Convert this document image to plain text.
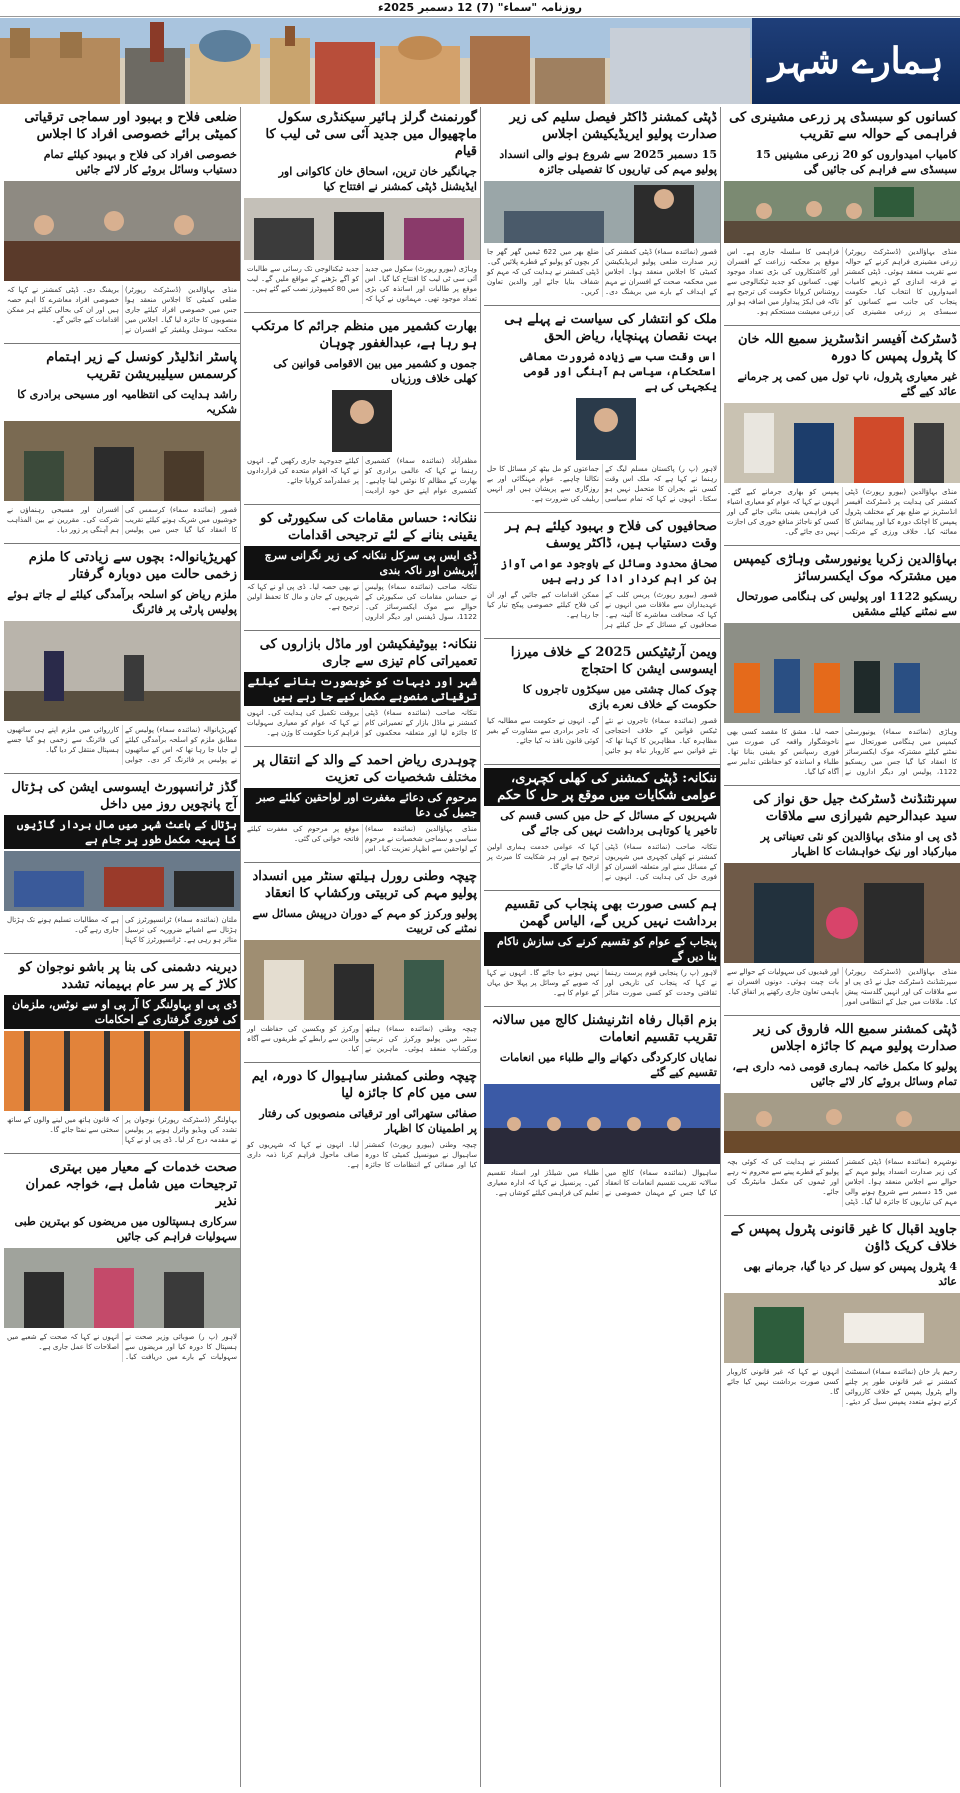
روزنامہ "سماء" (7) 12 دسمبر 2025ء
ہمارے شہر
کسانوں کو سبسڈی پر زرعی مشینری کی فراہمی کے حوالہ سے تقریب
کامیاب امیدواروں کو 20 زرعی مشینیں 15 سبسڈی سے فراہم کی جائیں گی
منڈی بہاؤالدین (ڈسٹرکٹ رپورٹر) زرعی مشینری فراہم کرنے کے حوالہ سے تقریب منعقد ہوئی۔ ڈپٹی کمشنر نے قرعہ اندازی کے ذریعے کامیاب امیدواروں کا انتخاب کیا۔ حکومت پنجاب کی جانب سے کسانوں کو سبسڈی پر زرعی مشینری کی فراہمی کا سلسلہ جاری ہے۔ اس موقع پر محکمہ زراعت کے افسران اور کاشتکاروں کی بڑی تعداد موجود تھی۔ کسانوں کو جدید ٹیکنالوجی سے روشناس کروانا حکومت کی ترجیح ہے تاکہ فی ایکڑ پیداوار میں اضافہ ہو اور زرعی معیشت مستحکم ہو۔
ڈسٹرکٹ آفیسر انڈسٹریز سمیع اللہ خان کا پٹرول پمپس کا دورہ
غیر معیاری پٹرول، ناپ تول میں کمی پر جرمانے عائد کیے گئے
منڈی بہاؤالدین (بیورو رپورٹ) ڈپٹی کمشنر کی ہدایت پر ڈسٹرکٹ آفیسر انڈسٹریز نے ضلع بھر کے مختلف پٹرول پمپس کا اچانک دورہ کیا اور پیمائش کا معائنہ کیا۔ خلاف ورزی کے مرتکب پمپس کو بھاری جرمانے کیے گئے۔ انہوں نے کہا کہ عوام کو معیاری اشیاء کی فراہمی یقینی بنائی جائے گی اور کسی کو ناجائز منافع خوری کی اجازت نہیں دی جائے گی۔
بہاؤالدین زکریا یونیورسٹی وہاڑی کیمپس میں مشترکہ موک ایکسرسائز
ریسکیو 1122 اور پولیس کی ہنگامی صورتحال سے نمٹنے کیلئے مشقیں
وہاڑی (نمائندہ سماء) یونیورسٹی کیمپس میں ہنگامی صورتحال سے نمٹنے کیلئے مشترکہ موک ایکسرسائز کا انعقاد کیا گیا جس میں ریسکیو 1122، پولیس اور دیگر اداروں نے حصہ لیا۔ مشق کا مقصد کسی بھی ناخوشگوار واقعہ کی صورت میں فوری رسپانس کو یقینی بنانا تھا۔ طلباء و اساتذہ کو حفاظتی تدابیر سے آگاہ کیا گیا۔
سپرنٹنڈنٹ ڈسٹرکٹ جیل حق نواز کی سید عبدالرحیم شیرازی سے ملاقات
ڈی پی او منڈی بہاؤالدین کو نئی تعیناتی پر مبارکباد اور نیک خواہشات کا اظہار
منڈی بہاؤالدین (ڈسٹرکٹ رپورٹر) سپرنٹنڈنٹ ڈسٹرکٹ جیل نے ڈی پی او سے ملاقات کی اور انہیں گلدستہ پیش کیا۔ ملاقات میں جیل کے انتظامی امور اور قیدیوں کی سہولیات کے حوالے سے بات چیت ہوئی۔ دونوں افسران نے باہمی تعاون جاری رکھنے پر اتفاق کیا۔
ڈپٹی کمشنر سمیع اللہ فاروق کی زیر صدارت پولیو مہم کا جائزہ اجلاس
پولیو کا مکمل خاتمہ ہماری قومی ذمہ داری ہے، تمام وسائل بروئے کار لائے جائیں
نوشہرہ (نمائندہ سماء) ڈپٹی کمشنر کی زیر صدارت انسداد پولیو مہم کے حوالے سے اجلاس منعقد ہوا۔ اجلاس میں 15 دسمبر سے شروع ہونے والی مہم کی تیاریوں کا جائزہ لیا گیا۔ ڈپٹی کمشنر نے ہدایت کی کہ کوئی بچہ پولیو کے قطرے پینے سے محروم نہ رہے اور ٹیموں کی مکمل مانیٹرنگ کی جائے۔
جاوید اقبال کا غیر قانونی پٹرول پمپس کے خلاف کریک ڈاؤن
4 پٹرول پمپس کو سیل کر دیا گیا، جرمانے بھی عائد
رحیم یار خان (نمائندہ سماء) اسسٹنٹ کمشنر نے غیر قانونی طور پر چلنے والے پٹرول پمپس کے خلاف کارروائی کرتے ہوئے متعدد پمپس سیل کر دیئے۔ انہوں نے کہا کہ غیر قانونی کاروبار کسی صورت برداشت نہیں کیا جائے گا۔
ڈپٹی کمشنر ڈاکٹر فیصل سلیم کی زیر صدارت پولیو ایریڈیکیشن اجلاس
15 دسمبر 2025 سے شروع ہونے والی انسداد پولیو مہم کی تیاریوں کا تفصیلی جائزہ
قصور (نمائندہ سماء) ڈپٹی کمشنر کی زیر صدارت ضلعی پولیو ایریڈیکیشن کمیٹی کا اجلاس منعقد ہوا۔ اجلاس میں محکمہ صحت کے افسران نے مہم کے اہداف کے بارے میں بریفنگ دی۔ ضلع بھر میں 622 ٹیمیں گھر گھر جا کر بچوں کو پولیو کے قطرے پلائیں گی۔ ڈپٹی کمشنر نے ہدایت کی کہ مہم کو شفاف بنایا جائے اور والدین تعاون کریں۔
ملک کو انتشار کی سیاست نے پہلے ہی بہت نقصان پہنچایا، ریاض الحق
اس وقت سب سے زیادہ ضرورت معاشی استحکام، سیاسی ہم آہنگی اور قومی یکجہتی کی ہے
لاہور (پ ر) پاکستان مسلم لیگ کے رہنما نے کہا ہے کہ ملک اس وقت کسی نئے بحران کا متحمل نہیں ہو سکتا۔ انہوں نے کہا کہ تمام سیاسی جماعتوں کو مل بیٹھ کر مسائل کا حل نکالنا چاہیے۔ عوام مہنگائی اور بے روزگاری سے پریشان ہیں اور انہیں ریلیف کی ضرورت ہے۔
صحافیوں کی فلاح و بہبود کیلئے ہم ہر وقت دستیاب ہیں، ڈاکٹر یوسف
صحافی محدود وسائل کے باوجود عوامی آواز بن کر اہم کردار ادا کر رہے ہیں
قصور (بیورو رپورٹ) پریس کلب کے عہدیداران سے ملاقات میں انہوں نے کہا کہ صحافت معاشرے کا آئینہ ہے۔ صحافیوں کے مسائل کے حل کیلئے ہر ممکن اقدامات کیے جائیں گے اور ان کی فلاح کیلئے خصوصی پیکج تیار کیا جا رہا ہے۔
ویمن آرٹیٹیکس 2025 کے خلاف میرزا ایسوسی ایشن کا احتجاج
چوک کمال چشتی میں سیکڑوں تاجروں کا حکومت کے خلاف نعرے بازی
قصور (نمائندہ سماء) تاجروں نے نئے ٹیکس قوانین کے خلاف احتجاجی مظاہرہ کیا۔ مظاہرین کا کہنا تھا کہ نئے قوانین سے کاروبار تباہ ہو جائیں گے۔ انہوں نے حکومت سے مطالبہ کیا کہ تاجر برادری سے مشاورت کے بغیر کوئی قانون نافذ نہ کیا جائے۔
ننکانہ: ڈپٹی کمشنر کی کھلی کچہری، عوامی شکایات میں موقع پر حل کا حکم
شہریوں کے مسائل کے حل میں کسی قسم کی تاخیر یا کوتاہی برداشت نہیں کی جائے گی
ننکانہ صاحب (نمائندہ سماء) ڈپٹی کمشنر نے کھلی کچہری میں شہریوں کے مسائل سنے اور متعلقہ افسران کو فوری حل کی ہدایت کی۔ انہوں نے کہا کہ عوامی خدمت ہماری اولین ترجیح ہے اور ہر شکایت کا میرٹ پر ازالہ کیا جائے گا۔
ہم کسی صورت بھی پنجاب کی تقسیم برداشت نہیں کریں گے، الیاس گھمن
پنجاب کے عوام کو تقسیم کرنے کی سازش ناکام بنا دیں گے
لاہور (پ ر) پنجابی قوم پرست رہنما نے کہا کہ پنجاب کی تاریخی اور ثقافتی وحدت کو کسی صورت متاثر نہیں ہونے دیا جائے گا۔ انہوں نے کہا کہ صوبے کے وسائل پر پہلا حق یہاں کے عوام کا ہے۔
بزم اقبال رفاہ انٹرنیشنل کالج میں سالانہ تقریب تقسیم انعامات
نمایاں کارکردگی دکھانے والے طلباء میں انعامات تقسیم کیے گئے
ساہیوال (نمائندہ سماء) کالج میں سالانہ تقریب تقسیم انعامات کا انعقاد کیا گیا جس کے مہمان خصوصی نے طلباء میں شیلڈز اور اسناد تقسیم کیں۔ پرنسپل نے کہا کہ ادارہ معیاری تعلیم کی فراہمی کیلئے کوشاں ہے۔
گورنمنٹ گرلز ہائیر سیکنڈری سکول ماچھیوال میں جدید آئی سی ٹی لیب کا قیام
جہانگیر خان ترین، اسحاق خان کاکوانی اور ایڈیشنل ڈپٹی کمشنر نے افتتاح کیا
وہاڑی (بیورو رپورٹ) سکول میں جدید آئی سی ٹی لیب کا افتتاح کیا گیا۔ اس موقع پر طالبات اور اساتذہ کی بڑی تعداد موجود تھی۔ مہمانوں نے کہا کہ جدید ٹیکنالوجی تک رسائی سے طالبات کو آگے بڑھنے کے مواقع ملیں گے۔ لیب میں 80 کمپیوٹرز نصب کیے گئے ہیں۔
بھارت کشمیر میں منظم جرائم کا مرتکب ہو رہا ہے، عبدالغفور چوہان
جموں و کشمیر میں بین الاقوامی قوانین کی کھلی خلاف ورزیاں
مظفرآباد (نمائندہ سماء) کشمیری رہنما نے کہا کہ عالمی برادری کو بھارت کے مظالم کا نوٹس لینا چاہیے۔ کشمیری عوام اپنے حق خود ارادیت کیلئے جدوجہد جاری رکھیں گے۔ انہوں نے کہا کہ اقوام متحدہ کی قراردادوں پر عملدرآمد کروایا جائے۔
ننکانہ: حساس مقامات کی سکیورٹی کو یقینی بنانے کے لئے ترجیحی اقدامات
ڈی ایس پی سرکل ننکانہ کی زیر نگرانی سرچ آپریشن اور ناکہ بندی
ننکانہ صاحب (نمائندہ سماء) پولیس نے حساس مقامات کی سکیورٹی کے حوالے سے موک ایکسرسائز کی۔ 1122، سول ڈیفنس اور دیگر اداروں نے بھی حصہ لیا۔ ڈی پی او نے کہا کہ شہریوں کے جان و مال کا تحفظ اولین ترجیح ہے۔
ننکانہ: بیوٹیفکیشن اور ماڈل بازاروں کی تعمیراتی کام تیزی سے جاری
شہر اور دیہات کو خوبصورت بنانے کیلئے ترقیاتی منصوبے مکمل کیے جا رہے ہیں
ننکانہ صاحب (نمائندہ سماء) ڈپٹی کمشنر نے ماڈل بازار کے تعمیراتی کام کا جائزہ لیا اور متعلقہ محکموں کو بروقت تکمیل کی ہدایت کی۔ انہوں نے کہا کہ عوام کو معیاری سہولیات فراہم کرنا حکومت کا وژن ہے۔
چوہدری ریاض احمد کے والد کے انتقال پر مختلف شخصیات کی تعزیت
مرحوم کی دعائے مغفرت اور لواحقین کیلئے صبر جمیل کی دعا
منڈی بہاؤالدین (نمائندہ سماء) سیاسی و سماجی شخصیات نے مرحوم کے لواحقین سے اظہار تعزیت کیا۔ اس موقع پر مرحوم کی مغفرت کیلئے فاتحہ خوانی کی گئی۔
چیچہ وطنی رورل ہیلتھ سنٹر میں انسداد پولیو مہم کی تربیتی ورکشاپ کا انعقاد
پولیو ورکرز کو مہم کے دوران درپیش مسائل سے نمٹنے کی تربیت
چیچہ وطنی (نمائندہ سماء) ہیلتھ سنٹر میں پولیو ورکرز کی تربیتی ورکشاپ منعقد ہوئی۔ ماہرین نے ورکرز کو ویکسین کی حفاظت اور والدین سے رابطے کے طریقوں سے آگاہ کیا۔
چیچہ وطنی کمشنر ساہیوال کا دورہ، ایم سی میں کام کا جائزہ لیا
صفائی ستھرائی اور ترقیاتی منصوبوں کی رفتار پر اطمینان کا اظہار
چیچہ وطنی (بیورو رپورٹ) کمشنر ساہیوال نے میونسپل کمیٹی کا دورہ کیا اور صفائی کے انتظامات کا جائزہ لیا۔ انہوں نے کہا کہ شہریوں کو صاف ماحول فراہم کرنا ذمہ داری ہے۔
ضلعی فلاح و بہبود اور سماجی ترقیاتی کمیٹی برائے خصوصی افراد کا اجلاس
خصوصی افراد کی فلاح و بہبود کیلئے تمام دستیاب وسائل بروئے کار لائے جائیں
منڈی بہاؤالدین (ڈسٹرکٹ رپورٹر) ضلعی کمیٹی کا اجلاس منعقد ہوا جس میں خصوصی افراد کیلئے جاری منصوبوں کا جائزہ لیا گیا۔ اجلاس میں محکمہ سوشل ویلفیئر کے افسران نے بریفنگ دی۔ ڈپٹی کمشنر نے کہا کہ خصوصی افراد معاشرے کا اہم حصہ ہیں اور ان کی بحالی کیلئے ہر ممکن اقدامات کیے جائیں گے۔
پاسٹر انڈلیڈر کونسل کے زیر اہتمام کرسمس سیلیبریشن تقریب
راشد ہدایت کی انتظامیہ اور مسیحی برادری کا شکریہ
قصور (نمائندہ سماء) کرسمس کی خوشیوں میں شریک ہونے کیلئے تقریب کا انعقاد کیا گیا جس میں پولیس افسران اور مسیحی رہنماؤں نے شرکت کی۔ مقررین نے بین المذاہب ہم آہنگی پر زور دیا۔
کھریڑیانوالہ: بچوں سے زیادتی کا ملزم زخمی حالت میں دوبارہ گرفتار
ملزم ریاض کو اسلحہ برآمدگی کیلئے لے جاتے ہوئے پولیس پارٹی پر فائرنگ
کھریڑیانوالہ (نمائندہ سماء) پولیس کے مطابق ملزم کو اسلحہ برآمدگی کیلئے لے جایا جا رہا تھا کہ اس کے ساتھیوں نے پولیس پر فائرنگ کر دی۔ جوابی کارروائی میں ملزم اپنے ہی ساتھیوں کی فائرنگ سے زخمی ہو گیا جسے ہسپتال منتقل کر دیا گیا۔
گڈز ٹرانسپورٹ ایسوسی ایشن کی ہڑتال آج پانچویں روز میں داخل
ہڑتال کے باعث شہر میں مال بردار گاڑیوں کا پہیہ مکمل طور پر جام ہے
ملتان (نمائندہ سماء) ٹرانسپورٹرز کی ہڑتال سے اشیائے ضروریہ کی ترسیل متاثر ہو رہی ہے۔ ٹرانسپورٹرز کا کہنا ہے کہ مطالبات تسلیم ہونے تک ہڑتال جاری رہے گی۔
دیرینہ دشمنی کی بنا پر باشو نوجوان کو کلاڑ کے پر سر عام بہیمانہ تشدد
ڈی پی او بہاولنگر کا آر پی او سے نوٹس، ملزمان کی فوری گرفتاری کے احکامات
بہاولنگر (ڈسٹرکٹ رپورٹر) نوجوان پر تشدد کی ویڈیو وائرل ہونے پر پولیس نے مقدمہ درج کر لیا۔ ڈی پی او نے کہا کہ قانون ہاتھ میں لینے والوں کے ساتھ سختی سے نمٹا جائے گا۔
صحت خدمات کے معیار میں بہتری ترجیحات میں شامل ہے، خواجہ عمران نذیر
سرکاری ہسپتالوں میں مریضوں کو بہترین طبی سہولیات فراہم کی جائیں
لاہور (پ ر) صوبائی وزیر صحت نے ہسپتال کا دورہ کیا اور مریضوں سے سہولیات کے بارے میں دریافت کیا۔ انہوں نے کہا کہ صحت کے شعبے میں اصلاحات کا عمل جاری ہے۔
